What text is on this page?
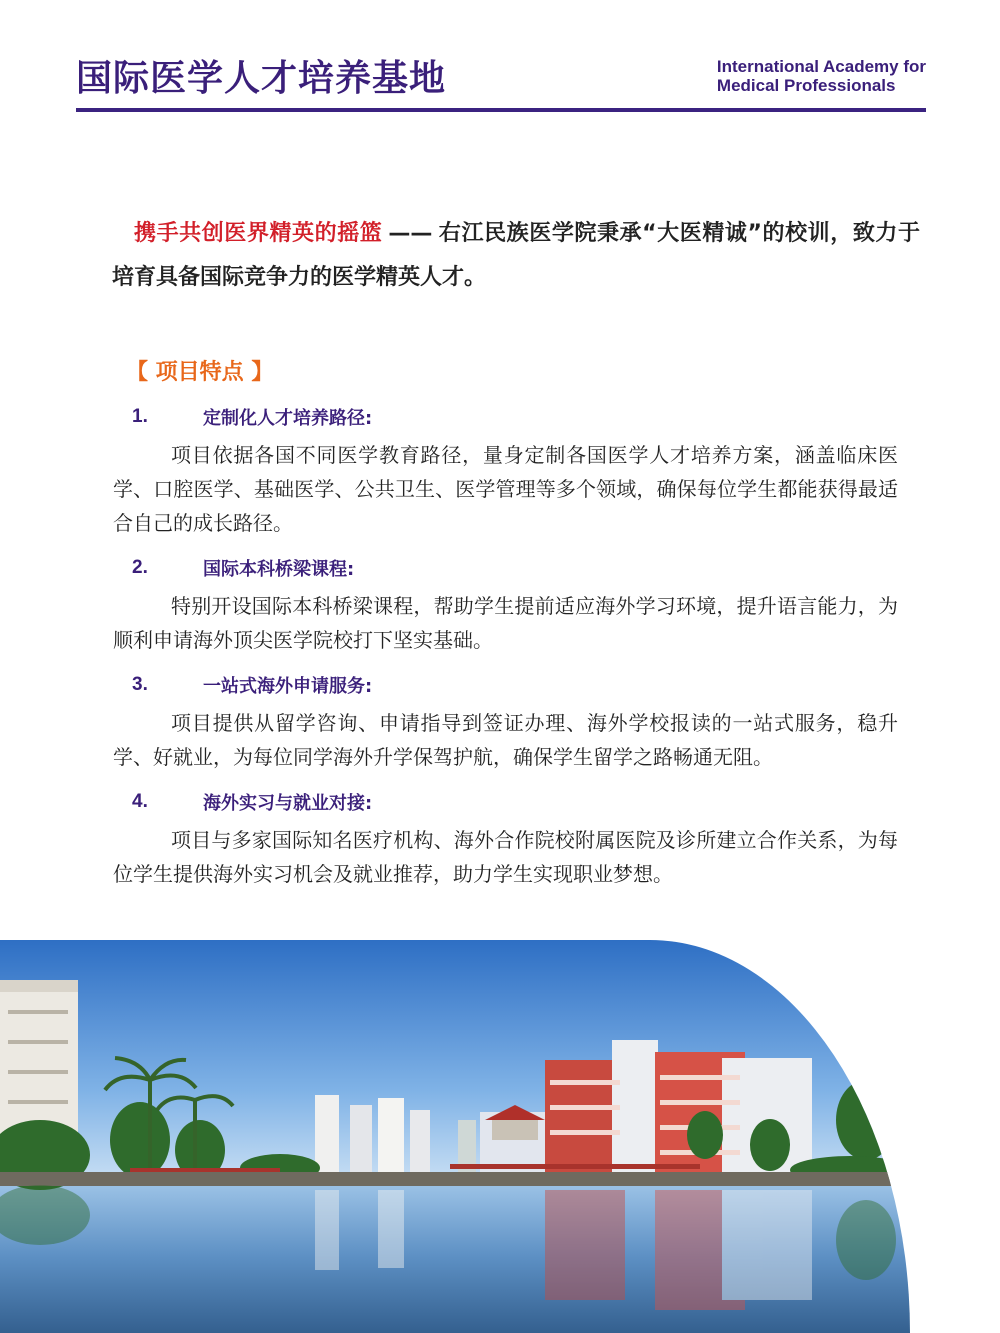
国际医学人才培养基地	International Academy for
Medical Professionals
携手共创医界精英的摇篮 —— 右江民族医学院秉承“大医精诚”的校训，致力于培育具备国际竞争力的医学精英人才。
【 项目特点 】
1.	定制化人才培养路径:
项目依据各国不同医学教育路径，量身定制各国医学人才培养方案，涵盖临床医学、口腔医学、基础医学、公共卫生、医学管理等多个领域，确保每位学生都能获得最适合自己的成长路径。
2.	国际本科桥梁课程:
特别开设国际本科桥梁课程，帮助学生提前适应海外学习环境，提升语言能力，为顺利申请海外顶尖医学院校打下坚实基础。
3.	一站式海外申请服务:
项目提供从留学咨询、申请指导到签证办理、海外学校报读的一站式服务，稳升学、好就业，为每位同学海外升学保驾护航，确保学生留学之路畅通无阻。
4.	海外实习与就业对接:
项目与多家国际知名医疗机构、海外合作院校附属医院及诊所建立合作关系，为每位学生提供海外实习机会及就业推荐，助力学生实现职业梦想。
